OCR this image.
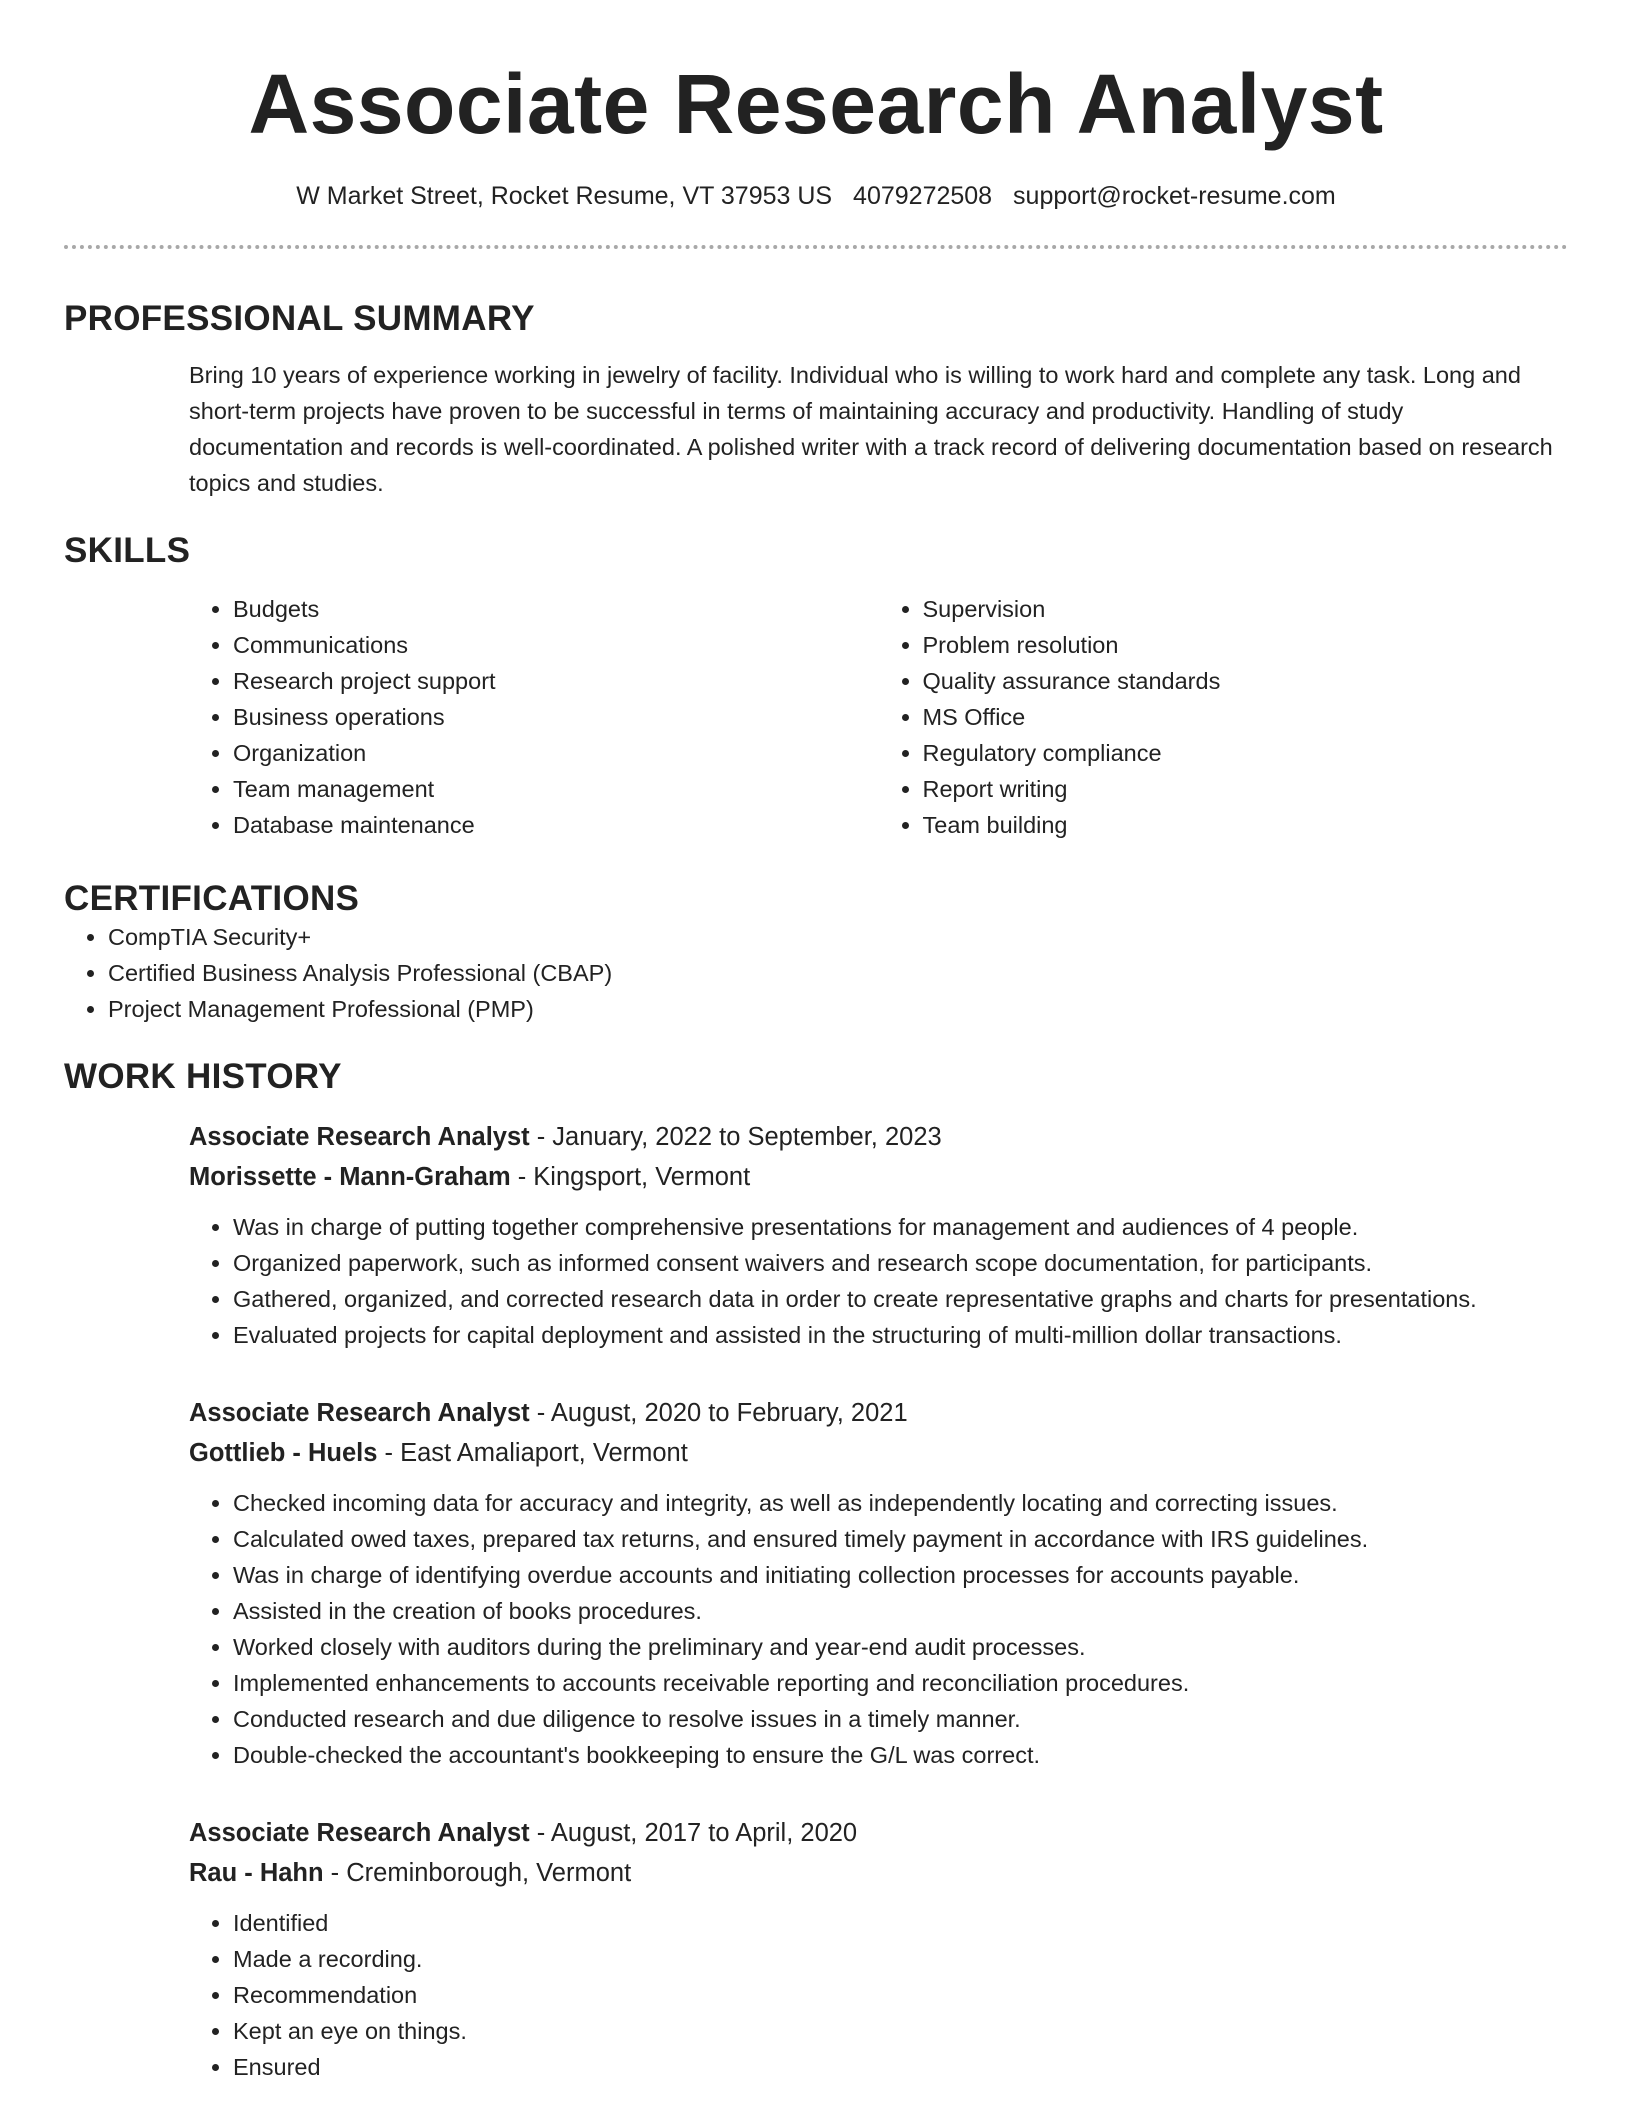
Associate Research Analyst
W Market Street, Rocket Resume, VT 37953 US 4079272508 support@rocket-resume.com
PROFESSIONAL SUMMARY
Bring 10 years of experience working in jewelry of facility. Individual who is willing to work hard and complete any task. Long and short-term projects have proven to be successful in terms of maintaining accuracy and productivity. Handling of study documentation and records is well-coordinated. A polished writer with a track record of delivering documentation based on research topics and studies.
SKILLS
• Budgets
• Communications
• Research project support
• Business operations
• Organization
• Team management
• Database maintenance
• Supervision
• Problem resolution
• Quality assurance standards
• MS Office
• Regulatory compliance
• Report writing
• Team building
CERTIFICATIONS
• CompTIA Security+
• Certified Business Analysis Professional (CBAP)
• Project Management Professional (PMP)
WORK HISTORY
Associate Research Analyst - January, 2022 to September, 2023
Morissette - Mann-Graham - Kingsport, Vermont
• Was in charge of putting together comprehensive presentations for management and audiences of 4 people.
• Organized paperwork, such as informed consent waivers and research scope documentation, for participants.
• Gathered, organized, and corrected research data in order to create representative graphs and charts for presentations.
• Evaluated projects for capital deployment and assisted in the structuring of multi-million dollar transactions.
Associate Research Analyst - August, 2020 to February, 2021
Gottlieb - Huels - East Amaliaport, Vermont
• Checked incoming data for accuracy and integrity, as well as independently locating and correcting issues.
• Calculated owed taxes, prepared tax returns, and ensured timely payment in accordance with IRS guidelines.
• Was in charge of identifying overdue accounts and initiating collection processes for accounts payable.
• Assisted in the creation of books procedures.
• Worked closely with auditors during the preliminary and year-end audit processes.
• Implemented enhancements to accounts receivable reporting and reconciliation procedures.
• Conducted research and due diligence to resolve issues in a timely manner.
• Double-checked the accountant's bookkeeping to ensure the G/L was correct.
Associate Research Analyst - August, 2017 to April, 2020
Rau - Hahn - Creminborough, Vermont
• Identified
• Made a recording.
• Recommendation
• Kept an eye on things.
• Ensured
